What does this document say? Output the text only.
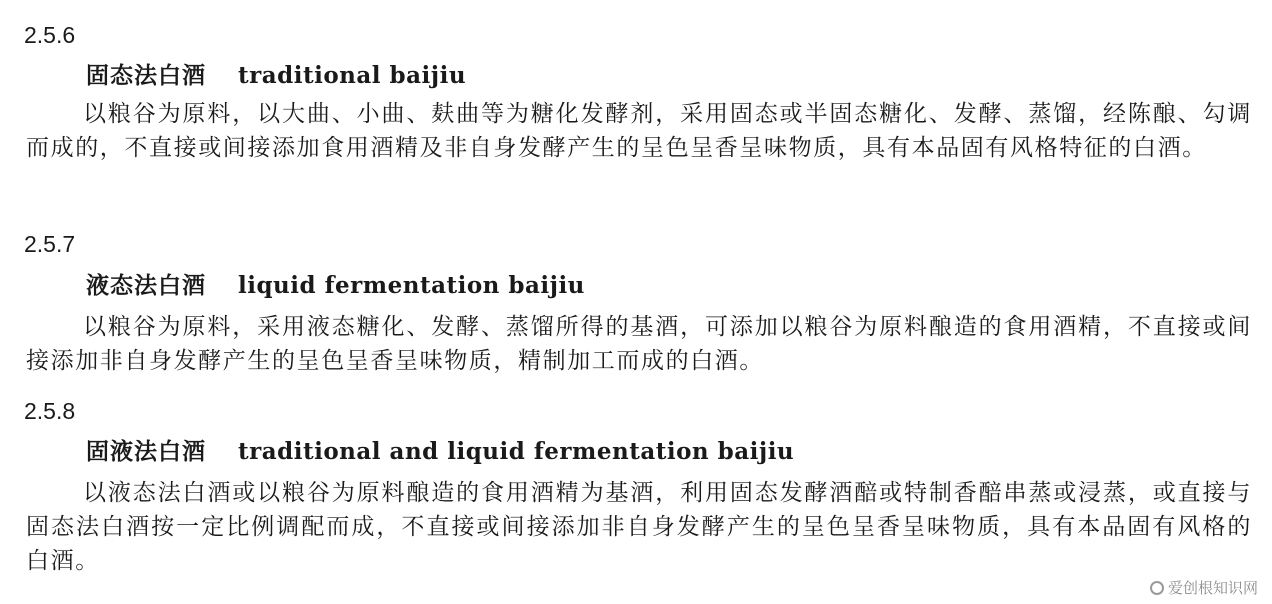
2.5.6
固态法白酒 traditional baijiu
以粮谷为原料，以大曲、小曲、麸曲等为糖化发酵剂，采用固态或半固态糖化、发酵、蒸馏，经陈酿、勾调而成的，不直接或间接添加食用酒精及非自身发酵产生的呈色呈香呈味物质，具有本品固有风格特征的白酒。
2.5.7
液态法白酒 liquid fermentation baijiu
以粮谷为原料，采用液态糖化、发酵、蒸馏所得的基酒，可添加以粮谷为原料酿造的食用酒精，不直接或间接添加非自身发酵产生的呈色呈香呈味物质，精制加工而成的白酒。
2.5.8
固液法白酒 traditional and liquid fermentation baijiu
以液态法白酒或以粮谷为原料酿造的食用酒精为基酒，利用固态发酵酒醅或特制香醅串蒸或浸蒸，或直接与固态法白酒按一定比例调配而成，不直接或间接添加非自身发酵产生的呈色呈香呈味物质，具有本品固有风格的白酒。
爱创根知识网
